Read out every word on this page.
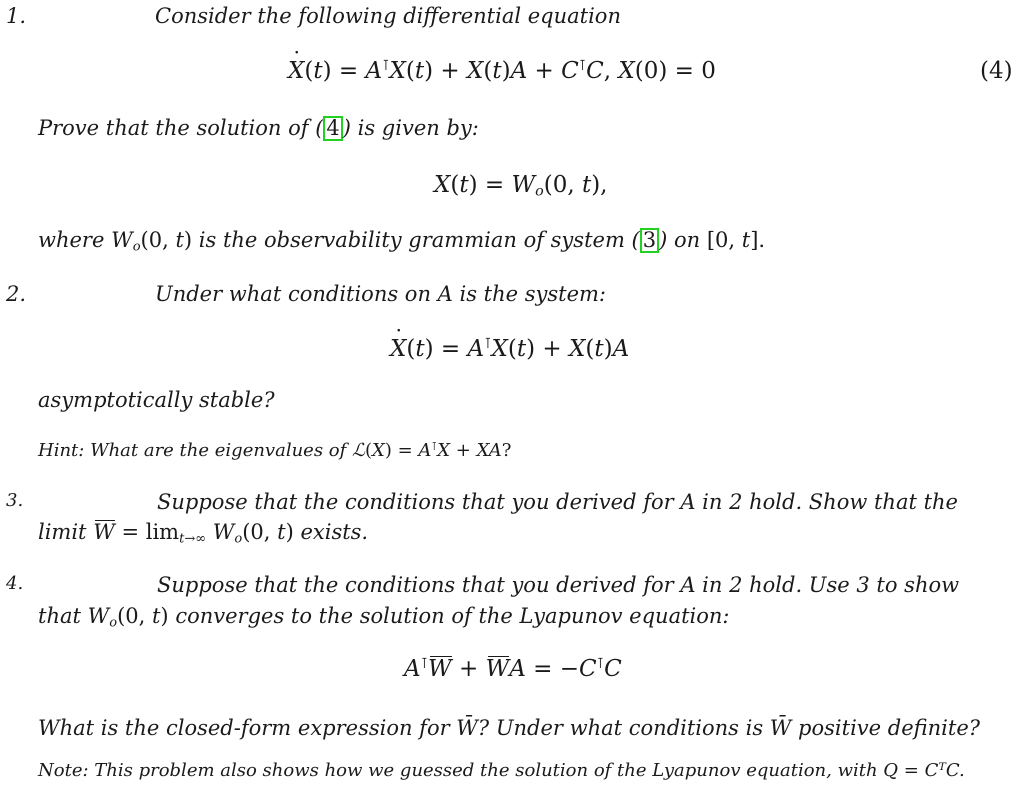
1.	Consider the following differential equation
˙ X(t) = A⊺X(t) + X(t)A + C⊺C, X(0) = 0	(4)
Prove that the solution of ( 4 ) is given by:
$X(t) = W_o(0$, t),
where $W_o(0$, t) is the observability grammian of system ( 3 ) on [0, t].
2.	Under what conditions on A is the system:
˙ X(t) = A⊺X(t) + X(t)A
asymptotically stable?
Hint: What are the eigenvalues of ℒ(X) = A⊺X + XA?
3.	Suppose that the conditions that you derived for A in 2 hold. Show that the
limit $W = \lim_{t\to\infty} W_o(0$, t) exists.
4.	Suppose that the conditions that you derived for A in 2 hold. Use 3 to show
that $W_o(0$, t) converges to the solution of the Lyapunov equation:
A⊺W + WA = −C⊺C
What is the closed-form expression for W̄? Under what conditions is W̄ positive definite?
Note: This problem also shows how we guessed the solution of the Lyapunov equation, with Q = CᵀC.
